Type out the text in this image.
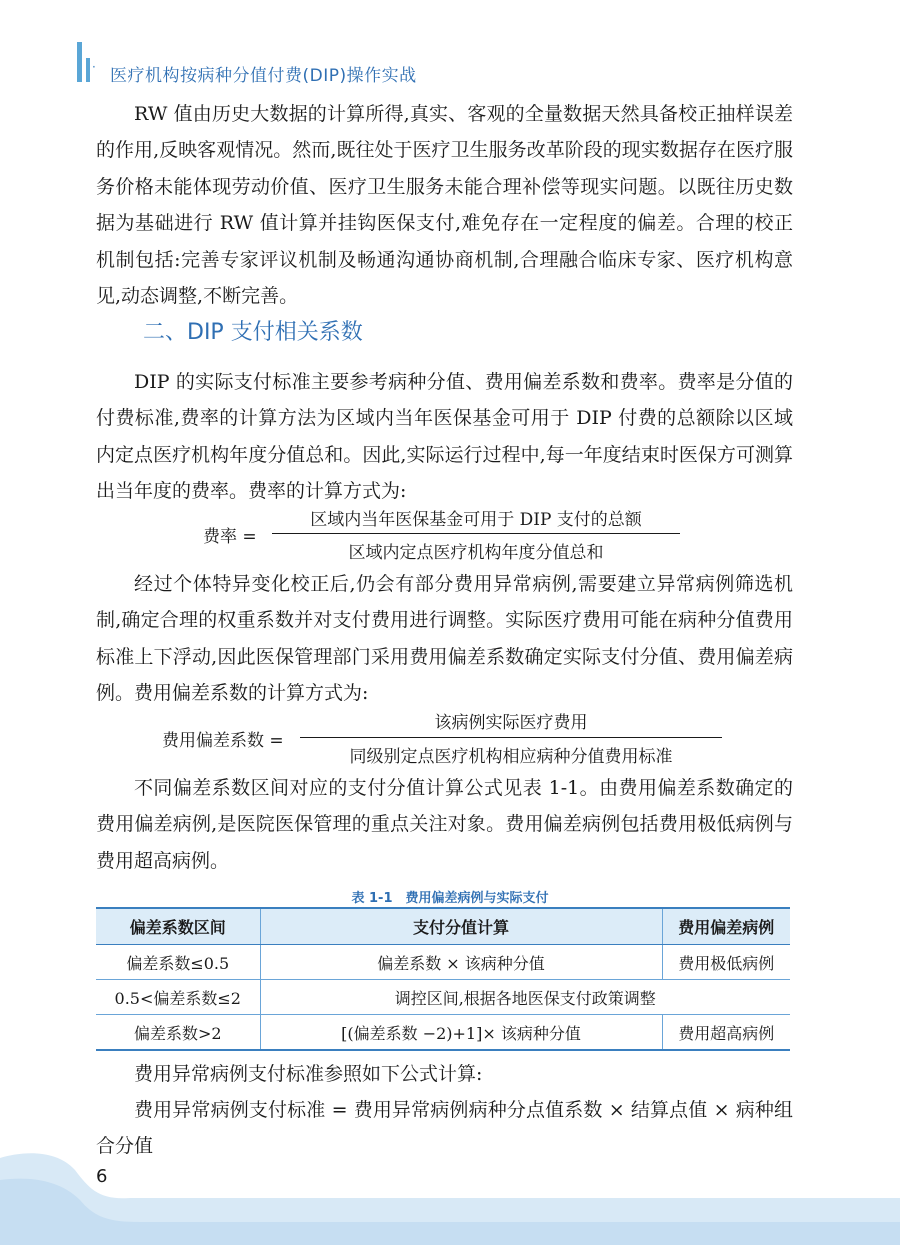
· 医疗机构按病种分值付费(DIP)操作实战

RW 值由历史大数据的计算所得,真实、客观的全量数据天然具备校正抽样误差的作用,反映客观情况。然而,既往处于医疗卫生服务改革阶段的现实数据存在医疗服务价格未能体现劳动价值、医疗卫生服务未能合理补偿等现实问题。以既往历史数据为基础进行 RW 值计算并挂钩医保支付,难免存在一定程度的偏差。合理的校正机制包括:完善专家评议机制及畅通沟通协商机制,合理融合临床专家、医疗机构意见,动态调整,不断完善。

二、DIP 支付相关系数

DIP 的实际支付标准主要参考病种分值、费用偏差系数和费率。费率是分值的付费标准,费率的计算方法为区域内当年医保基金可用于 DIP 付费的总额除以区域内定点医疗机构年度分值总和。因此,实际运行过程中,每一年度结束时医保方可测算出当年度的费率。费率的计算方式为:

费率 =
区域内当年医保基金可用于 DIP 支付的总额
区域内定点医疗机构年度分值总和

经过个体特异变化校正后,仍会有部分费用异常病例,需要建立异常病例筛选机制,确定合理的权重系数并对支付费用进行调整。实际医疗费用可能在病种分值费用标准上下浮动,因此医保管理部门采用费用偏差系数确定实际支付分值、费用偏差病例。费用偏差系数的计算方式为:

费用偏差系数 =
该病例实际医疗费用
同级别定点医疗机构相应病种分值费用标准

不同偏差系数区间对应的支付分值计算公式见表 1-1。由费用偏差系数确定的费用偏差病例,是医院医保管理的重点关注对象。费用偏差病例包括费用极低病例与费用超高病例。

表 1-1　费用偏差病例与实际支付
偏差系数区间	支付分值计算	费用偏差病例
偏差系数≤0.5	偏差系数 × 该病种分值	费用极低病例
0.5<偏差系数≤2	调控区间,根据各地医保支付政策调整	
偏差系数>2	[(偏差系数 −2)+1]× 该病种分值	费用超高病例

费用异常病例支付标准参照如下公式计算:

费用异常病例支付标准 = 费用异常病例病种分点值系数 × 结算点值 × 病种组合分值

6
